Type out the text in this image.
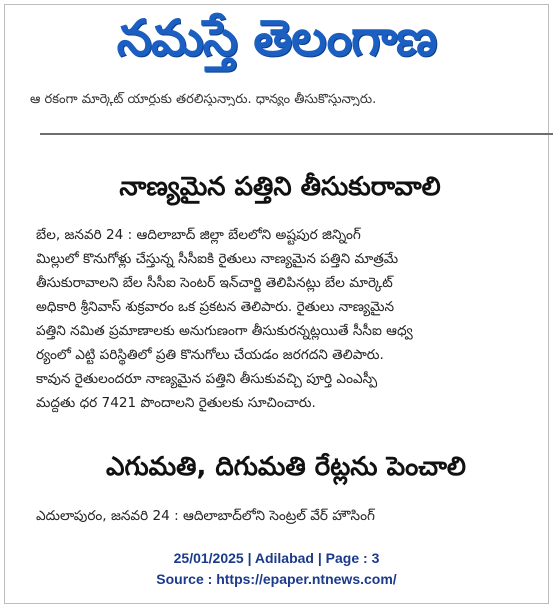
నమస్తే తెలంగాణ
ఆ రకంగా మార్కెట్ యార్డుకు తరలిస్తున్నారు. ధాన్యం తీసుకొస్తున్నారు.
నాణ్యమైన పత్తిని తీసుకురావాలి
బేల, జనవరి 24 : ఆదిలాబాద్ జిల్లా బేలలోని అష్టపుర జిన్నింగ్
మిల్లులో కొనుగోళ్లు చేస్తున్న సీసీఐకి రైతులు నాణ్యమైన పత్తిని మాత్రమే
తీసుకురావాలని బేల సీసీఐ సెంటర్ ఇన్‌చార్జి తెలిపినట్లు బేల మార్కెట్
అధికారి శ్రీనివాస్ శుక్రవారం ఒక ప్రకటన తెలిపారు. రైతులు నాణ్యమైన
పత్తిని నమిత ప్రమాణాలకు అనుగుణంగా తీసుకురన్నట్లయితే సీసీఐ ఆధ్వ
ర్యంలో ఎట్టి పరిస్థితిలో ప్రతి కొనుగోలు చేయడం జరగదని తెలిపారు.
కావున రైతులందరూ నాణ్యమైన పత్తిని తీసుకువచ్చి పూర్తి ఎంఎస్పీ
మద్దతు ధర 7421 పొందాలని రైతులకు సూచించారు.
ఎగుమతి, దిగుమతి రేట్లను పెంచాలి
ఎదులాపురం, జనవరి 24 : ఆదిలాబాద్‌లోని సెంట్రల్ వేర్ హౌసింగ్
25/01/2025 | Adilabad | Page : 3
Source : https://epaper.ntnews.com/
